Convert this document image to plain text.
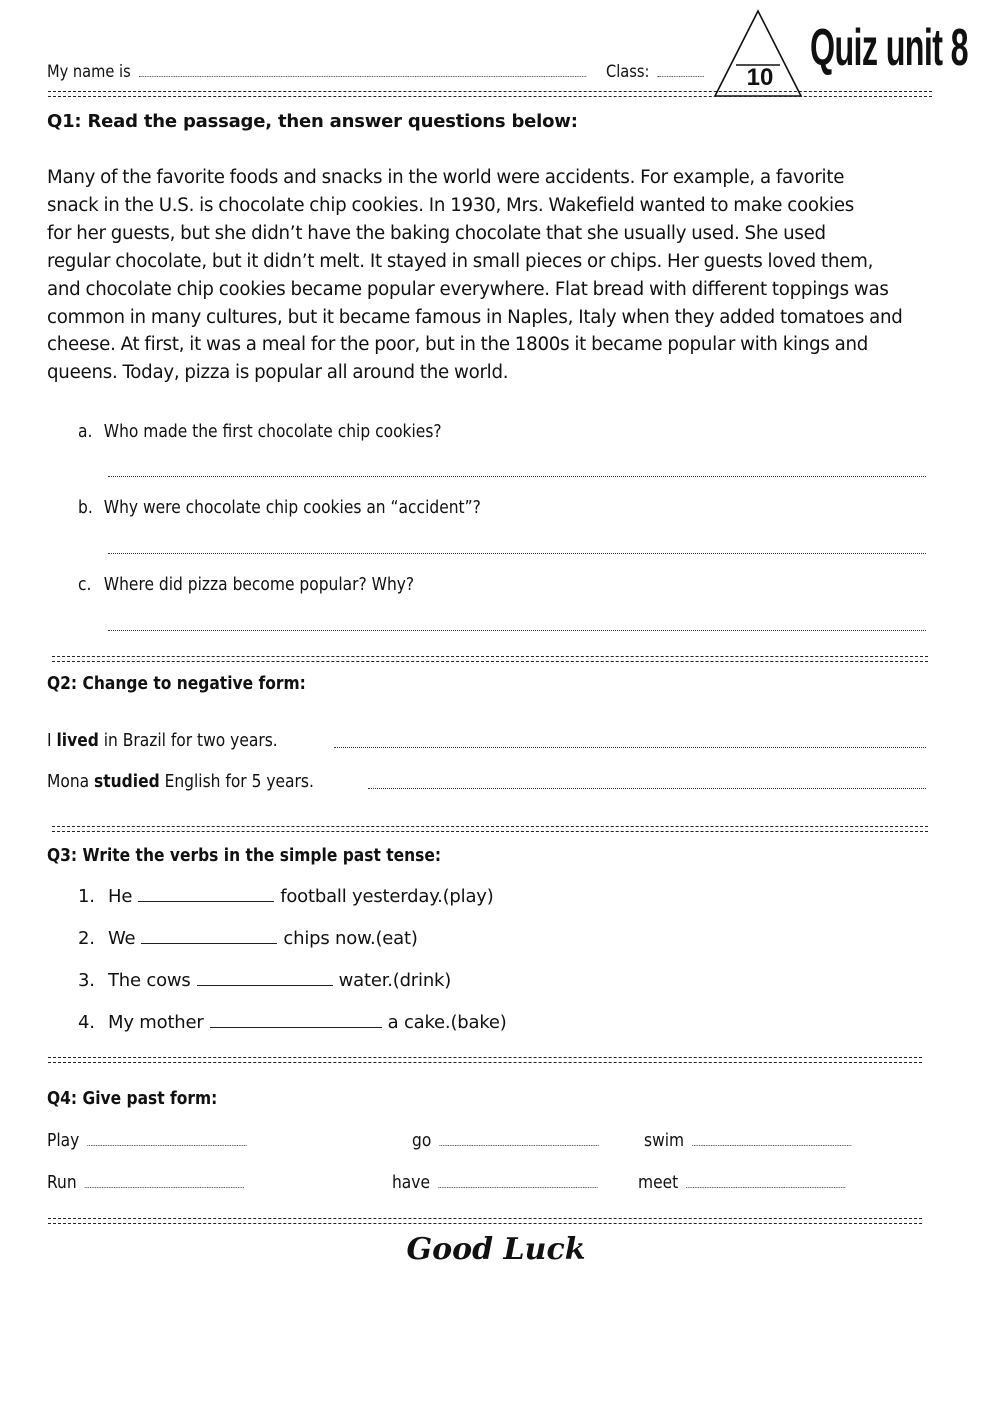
My name is	Class:	10
Quiz unit 8
Q1: Read the passage, then answer questions below:
Many of the favorite foods and snacks in the world were accidents. For example, a favorite
snack in the U.S. is chocolate chip cookies. In 1930, Mrs. Wakefield wanted to make cookies
for her guests, but she didn’t have the baking chocolate that she usually used. She used
regular chocolate, but it didn’t melt. It stayed in small pieces or chips. Her guests loved them,
and chocolate chip cookies became popular everywhere. Flat bread with different toppings was
common in many cultures, but it became famous in Naples, Italy when they added tomatoes and
cheese. At first, it was a meal for the poor, but in the 1800s it became popular with kings and
queens. Today, pizza is popular all around the world.
a. Who made the first chocolate chip cookies?
b. Why were chocolate chip cookies an “accident”?
c. Where did pizza become popular? Why?
Q2: Change to negative form:
I lived in Brazil for two years.
Mona studied English for 5 years.
Q3: Write the verbs in the simple past tense:
1. He	football yesterday.(play)
2. We	chips now.(eat)
3. The cows	water.(drink)
4. My mother	a cake.(bake)
Q4: Give past form:
Play	go	swim
Run	have	meet
Good Luck
